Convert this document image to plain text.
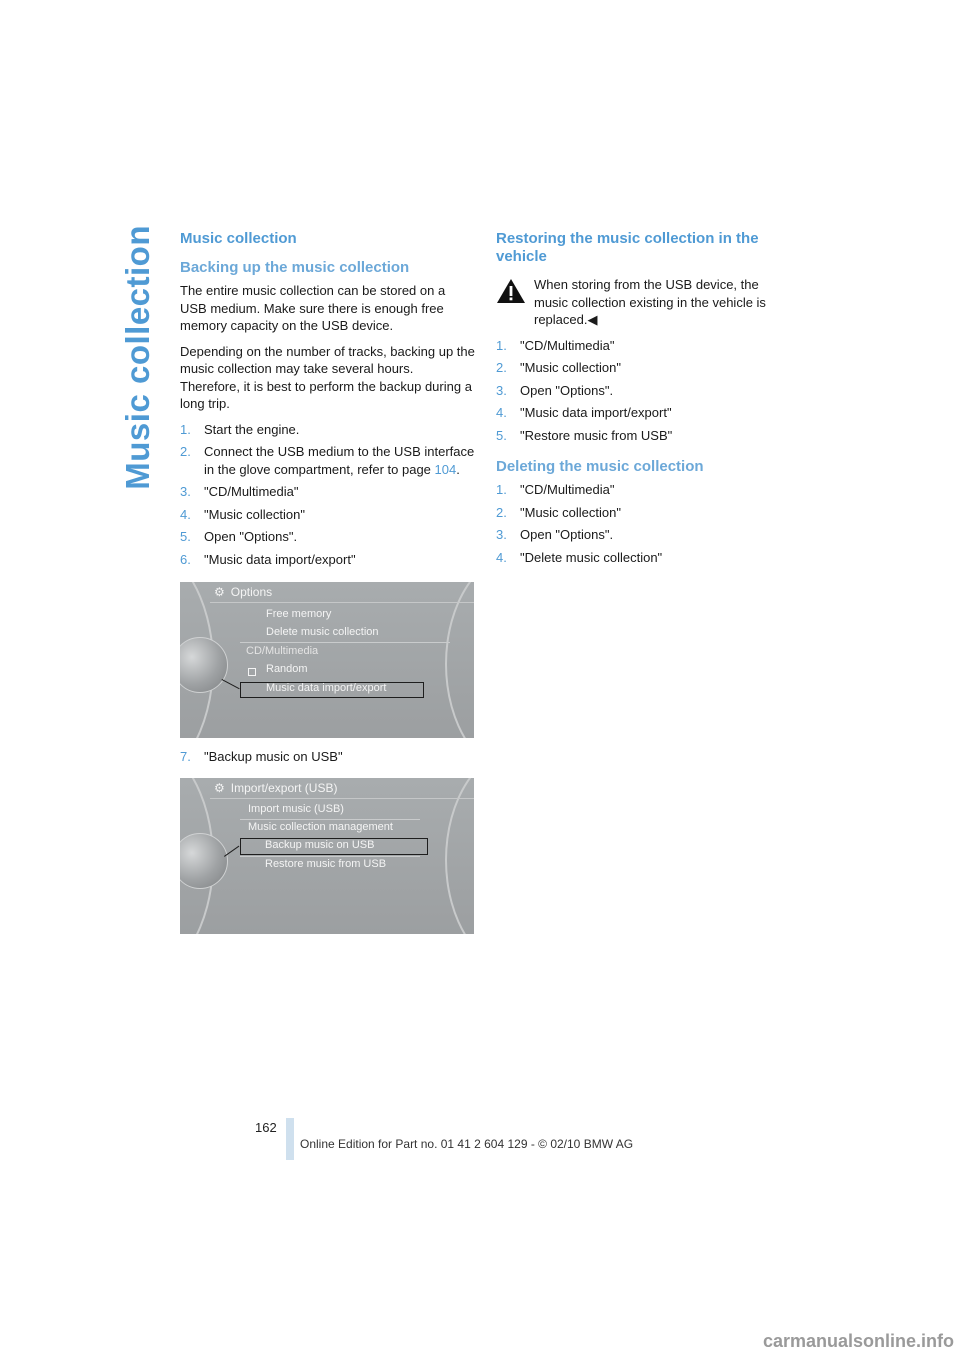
Music collection Music collection
Backing up the music collection

The entire music collection can be stored on a USB medium. Make sure there is enough free memory capacity on the USB device.

Depending on the number of tracks, backing up the music collection may take several hours. Therefore, it is best to perform the backup during a long trip.

1. Start the engine.
2. Connect the USB medium to the USB interface in the glove compartment, refer to page 104.
3. "CD/Multimedia"
4. "Music collection"
5. Open "Options".
6. "Music data import/export"
⚙ Options
Free memory
Delete music collection
CD/Multimedia
Random
Music data import/export
7. "Backup music on USB"
⚙ Import/export (USB)
Import music (USB)
Music collection management
Backup music on USB
Restore music from USB
Restoring the music collection in the vehicle
When storing from the USB device, the music collection existing in the vehicle is replaced.◀
1. "CD/Multimedia"
2. "Music collection"
3. Open "Options".
4. "Music data import/export"
5. "Restore music from USB"
Deleting the music collection
1. "CD/Multimedia"
2. "Music collection"
3. Open "Options".
4. "Delete music collection"
162
Online Edition for Part no. 01 41 2 604 129 - © 02/10 BMW AG
carmanualsonline.info
